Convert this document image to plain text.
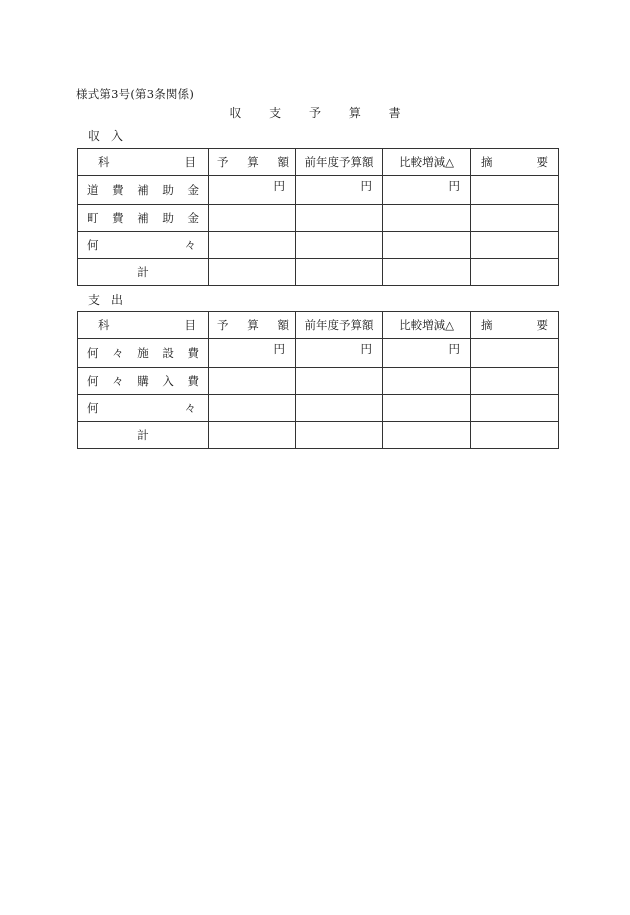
様式第3号(第3条関係)
収 支 予 算 書
収 入
科 目	予 算 額	前年度予算額	比較増減△	摘 要

道 費 補 助 金	円	円	円	

町 費 補 助 金				

何 々				

計				
支 出
科 目	予 算 額	前年度予算額	比較増減△	摘 要

何 々 施 設 費	円	円	円	

何 々 購 入 費				

何 々				

計				
